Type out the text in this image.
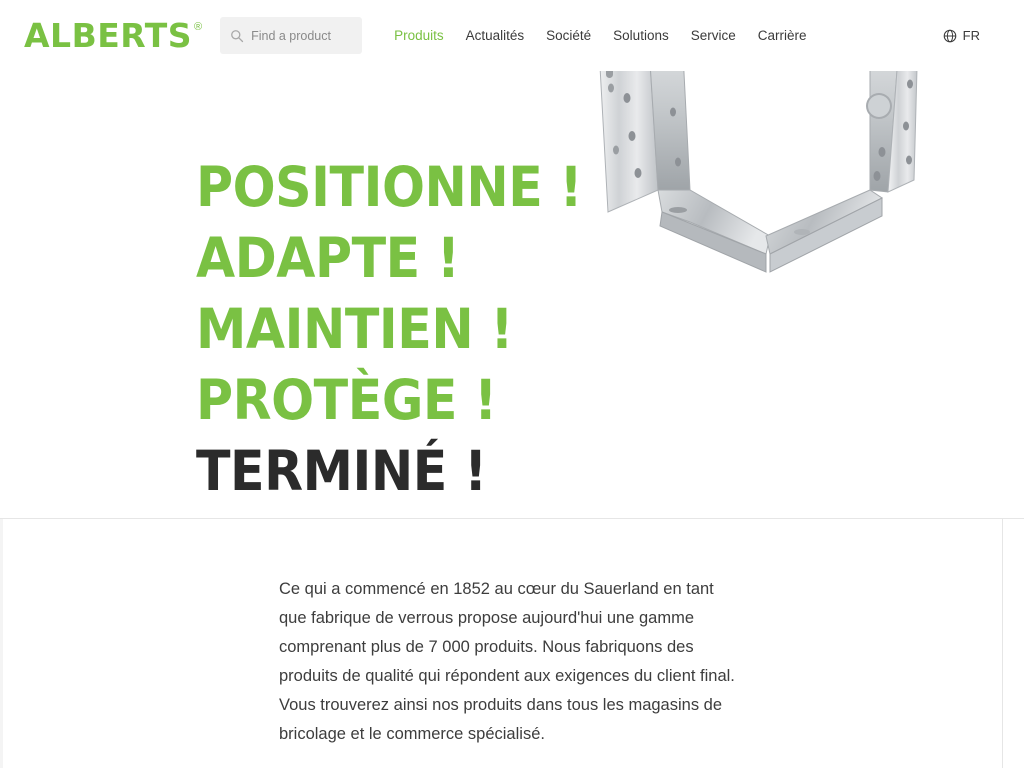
POSITIONNE !
ADAPTE !
MAINTIEN !
PROTÈGE !
TERMINÉ !
ALBERTS ®
Find a product
Produits Actualités Société Solutions Service Carrière	FR

Ce qui a commencé en 1852 au cœur du Sauerland en tant que fabrique de verrous propose aujourd'hui une gamme comprenant plus de 7 000 produits. Nous fabriquons des produits de qualité qui répondent aux exigences du client final. Vous trouverez ainsi nos produits dans tous les magasins de bricolage et le commerce spécialisé.
